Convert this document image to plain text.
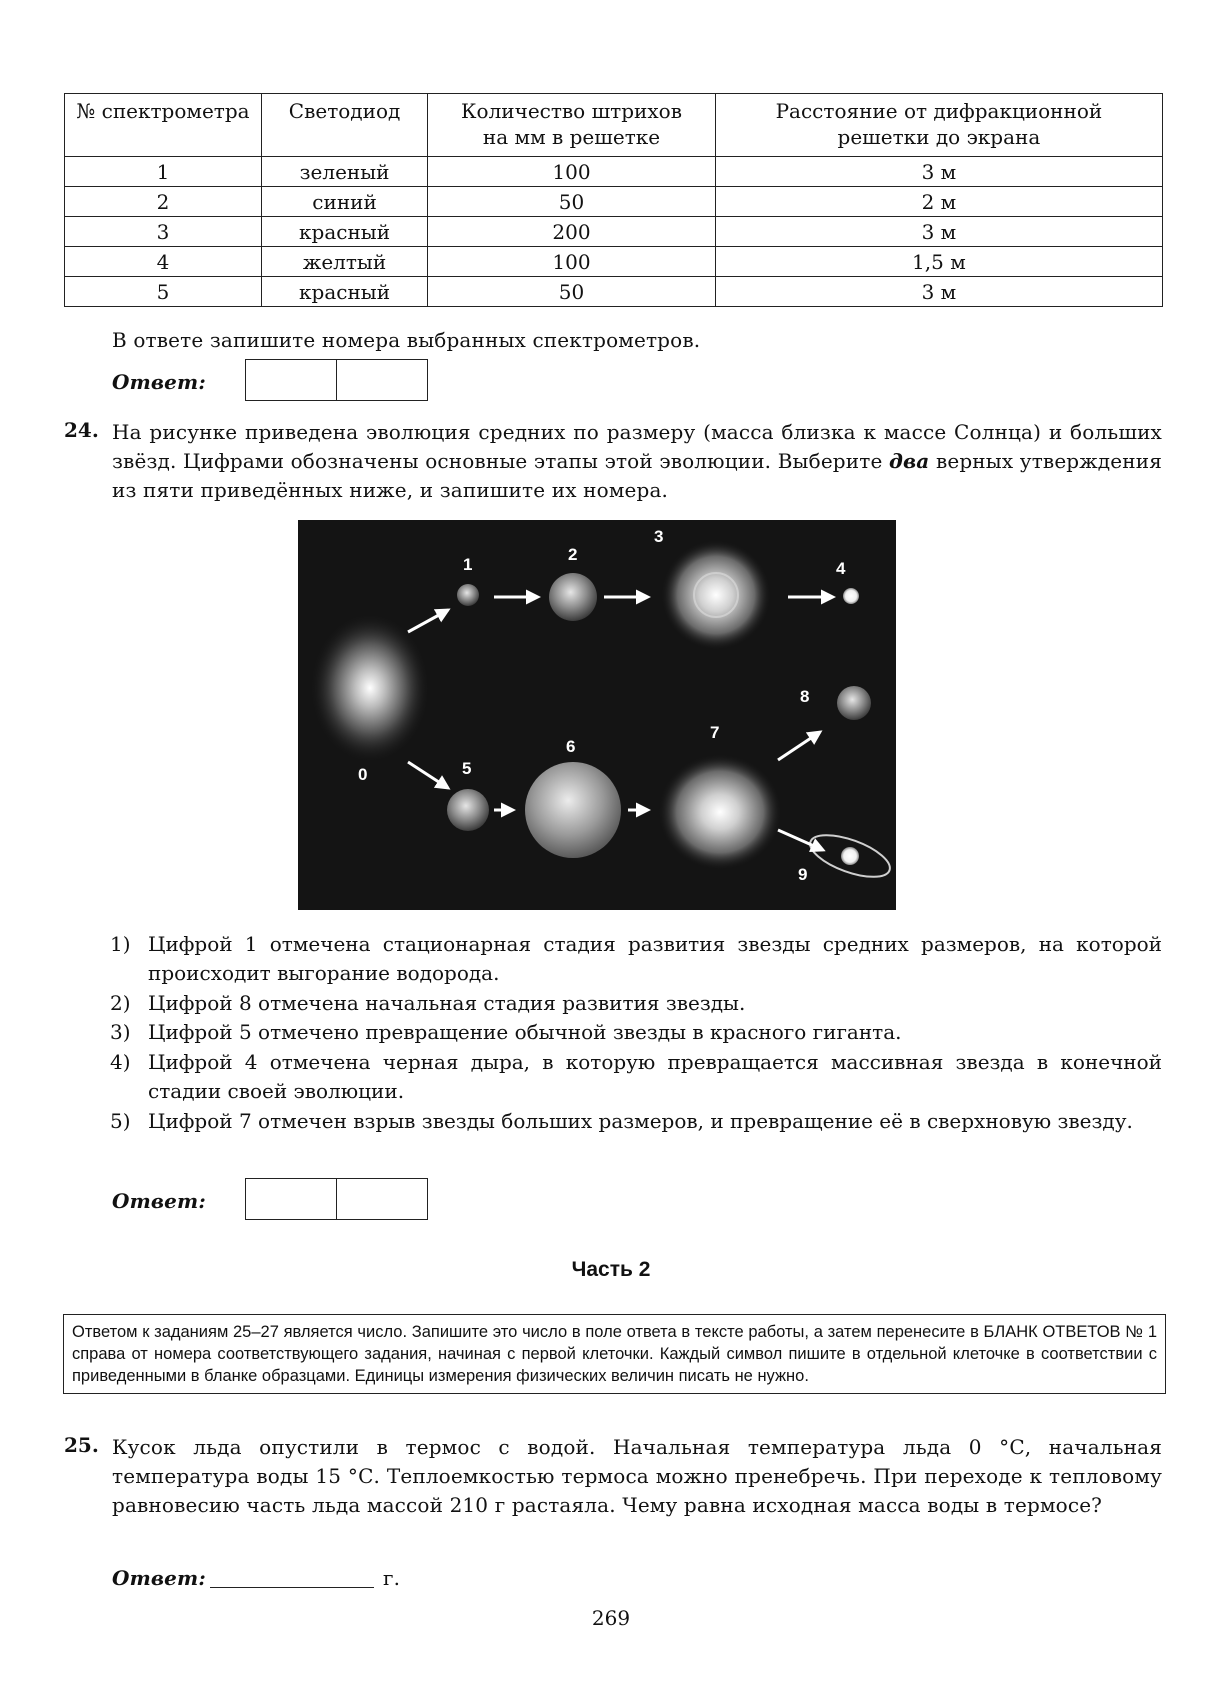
№ спектрометра	Светодиод	Количество штрихов на мм в решетке	Расстояние от дифракционной решетки до экрана
1	зеленый	100	3 м
2	синий	50	2 м
3	красный	200	3 м
4	желтый	100	1,5 м
5	красный	50	3 м
В ответе запишите номера выбранных спектрометров.
Ответ:
24. На рисунке приведена эволюция средних по размеру (масса близка к массе Солнца) и больших звёзд. Цифрами обозначены основные этапы этой эволюции. Выберите два верных утверждения из пяти приведённых ниже, и запишите их номера.
0
1
2
3
4
5
6
7
8
9
1) Цифрой 1 отмечена стационарная стадия развития звезды средних размеров, на которой происходит выгорание водорода.
2) Цифрой 8 отмечена начальная стадия развития звезды.
3) Цифрой 5 отмечено превращение обычной звезды в красного гиганта.
4) Цифрой 4 отмечена черная дыра, в которую превращается массивная звезда в конечной стадии своей эволюции.
5) Цифрой 7 отмечен взрыв звезды больших размеров, и превращение её в сверхновую звезду.
Ответ:
Часть 2
Ответом к заданиям 25–27 является число. Запишите это число в поле ответа в тексте работы, а затем перенесите в БЛАНК ОТВЕТОВ № 1 справа от номера соответствующего задания, начиная с первой клеточки. Каждый символ пишите в отдельной клеточке в соответствии с приведенными в бланке образцами. Единицы измерения физических величин писать не нужно.
25. Кусок льда опустили в термос с водой. Начальная температура льда 0 °С, начальная температура воды 15 °С. Теплоемкостью термоса можно пренебречь. При переходе к тепловому равновесию часть льда массой 210 г растаяла. Чему равна исходная масса воды в термосе?
Ответ:	г.
269
